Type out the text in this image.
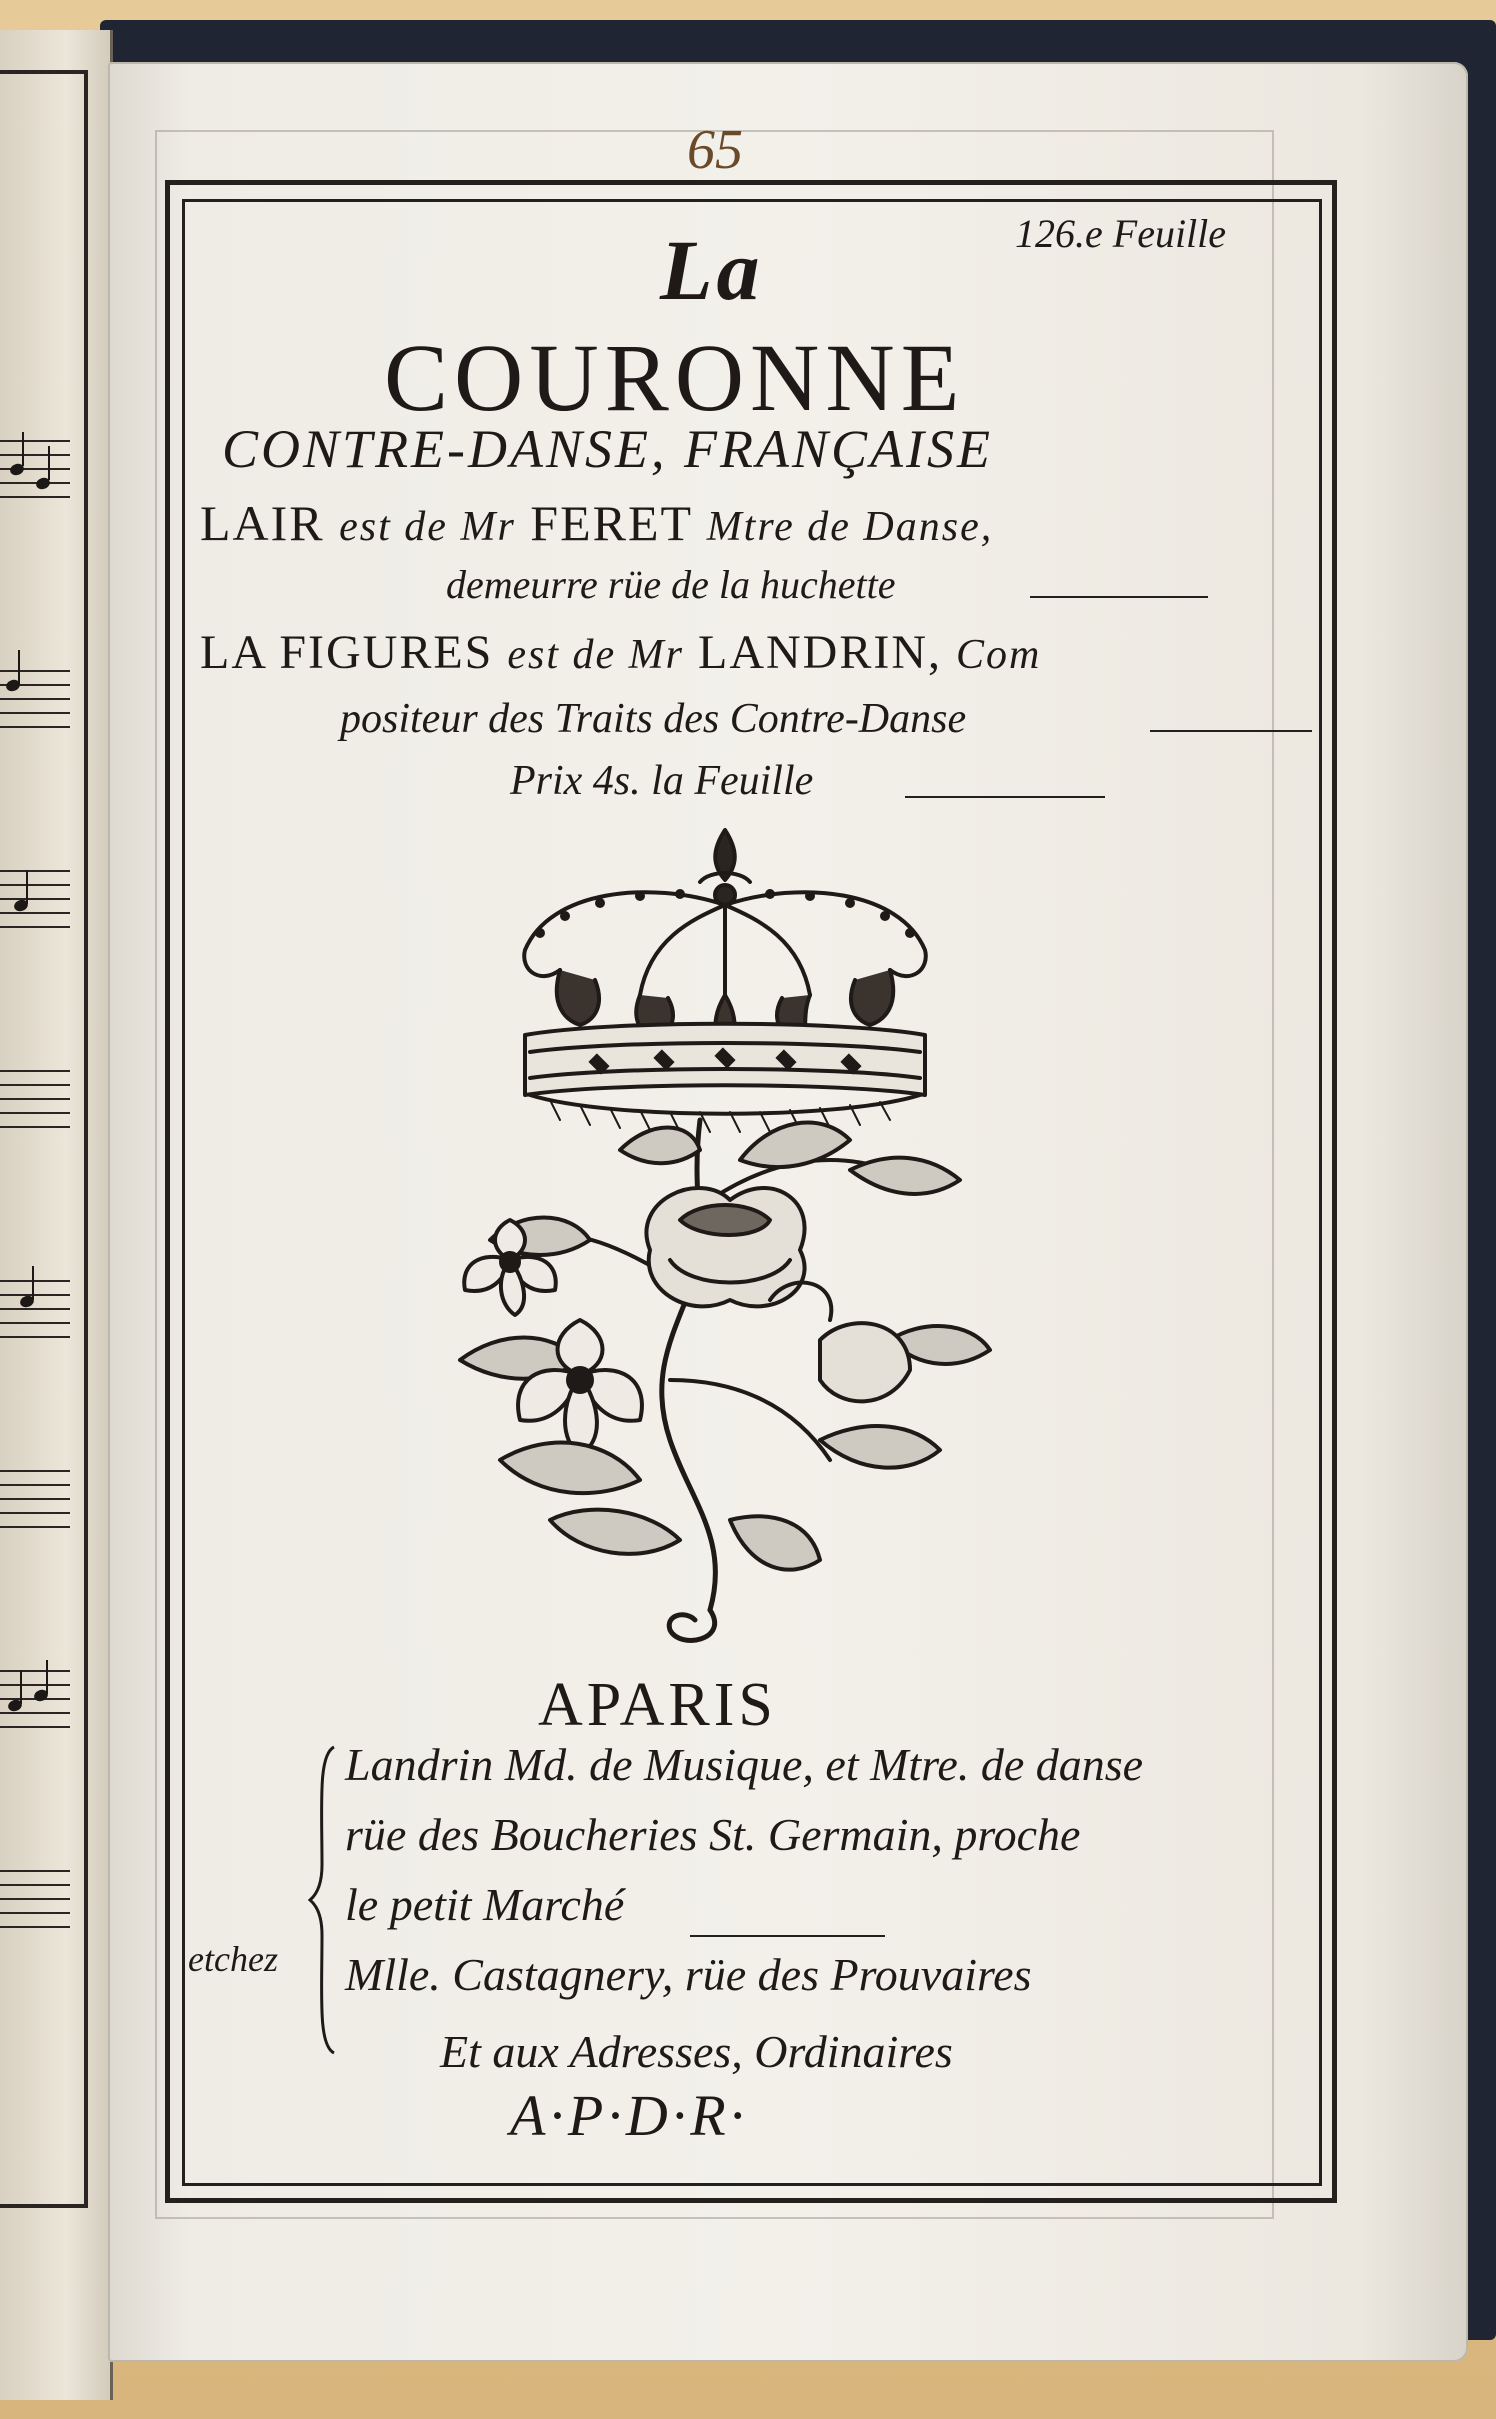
65
126.e Feuille
La
COURONNE
CONTRE-DANSE, FRANÇAISE
LAIR est de Mr FERET Mtre de Danse,
demeurre rüe de la huchette
LA FIGURES est de Mr LANDRIN, Com
positeur des Traits des Contre-Danse
Prix 4s. la Feuille
APARIS
Landrin Md. de Musique, et Mtre. de danse
rüe des Boucheries St. Germain, proche
le petit Marché
etchez Mlle. Castagnery, rüe des Prouvaires
Et aux Adresses, Ordinaires
A·P·D·R·
